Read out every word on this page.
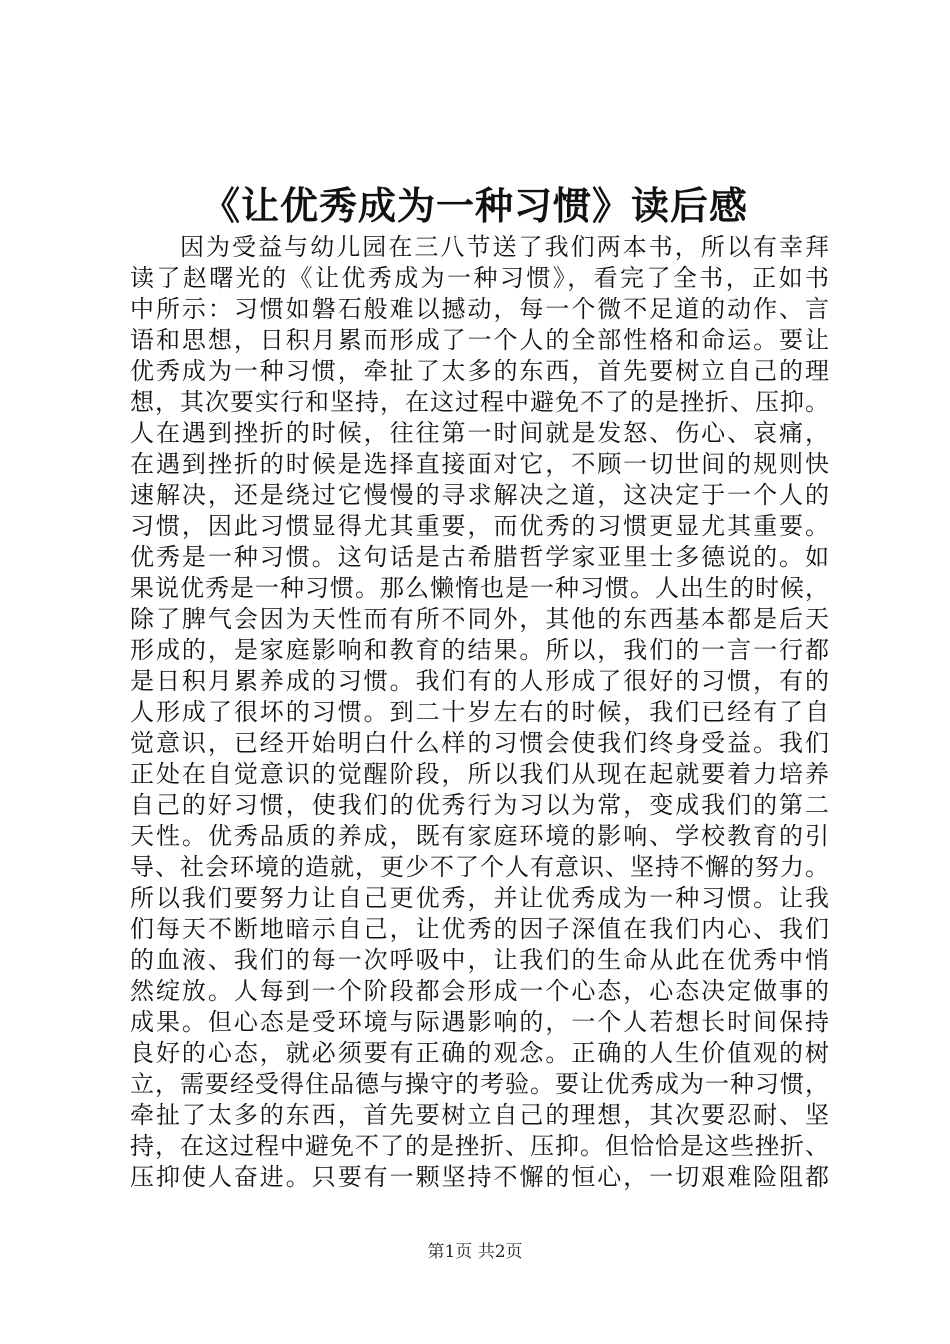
《让优秀成为一种习惯》读后感
因为受益与幼儿园在三八节送了我们两本书，所以有幸拜
读了赵曙光的《让优秀成为一种习惯》，看完了全书，正如书
中所示：习惯如磐石般难以撼动，每一个微不足道的动作、言
语和思想，日积月累而形成了一个人的全部性格和命运。要让
优秀成为一种习惯，牵扯了太多的东西，首先要树立自己的理
想，其次要实行和坚持，在这过程中避免不了的是挫折、压抑。
人在遇到挫折的时候，往往第一时间就是发怒、伤心、哀痛，
在遇到挫折的时候是选择直接面对它，不顾一切世间的规则快
速解决，还是绕过它慢慢的寻求解决之道，这决定于一个人的
习惯，因此习惯显得尤其重要，而优秀的习惯更显尤其重要。
优秀是一种习惯。这句话是古希腊哲学家亚里士多德说的。如
果说优秀是一种习惯。那么懒惰也是一种习惯。人出生的时候，
除了脾气会因为天性而有所不同外，其他的东西基本都是后天
形成的，是家庭影响和教育的结果。所以，我们的一言一行都
是日积月累养成的习惯。我们有的人形成了很好的习惯，有的
人形成了很坏的习惯。到二十岁左右的时候，我们已经有了自
觉意识，已经开始明白什么样的习惯会使我们终身受益。我们
正处在自觉意识的觉醒阶段，所以我们从现在起就要着力培养
自己的好习惯，使我们的优秀行为习以为常，变成我们的第二
天性。优秀品质的养成，既有家庭环境的影响、学校教育的引
导、社会环境的造就，更少不了个人有意识、坚持不懈的努力。
所以我们要努力让自己更优秀，并让优秀成为一种习惯。让我
们每天不断地暗示自己，让优秀的因子深值在我们内心、我们
的血液、我们的每一次呼吸中，让我们的生命从此在优秀中悄
然绽放。人每到一个阶段都会形成一个心态，心态决定做事的
成果。但心态是受环境与际遇影响的，一个人若想长时间保持
良好的心态，就必须要有正确的观念。正确的人生价值观的树
立，需要经受得住品德与操守的考验。要让优秀成为一种习惯，
牵扯了太多的东西，首先要树立自己的理想，其次要忍耐、坚
持，在这过程中避免不了的是挫折、压抑。但恰恰是这些挫折、
压抑使人奋进。只要有一颗坚持不懈的恒心，一切艰难险阻都
第1页 共2页
